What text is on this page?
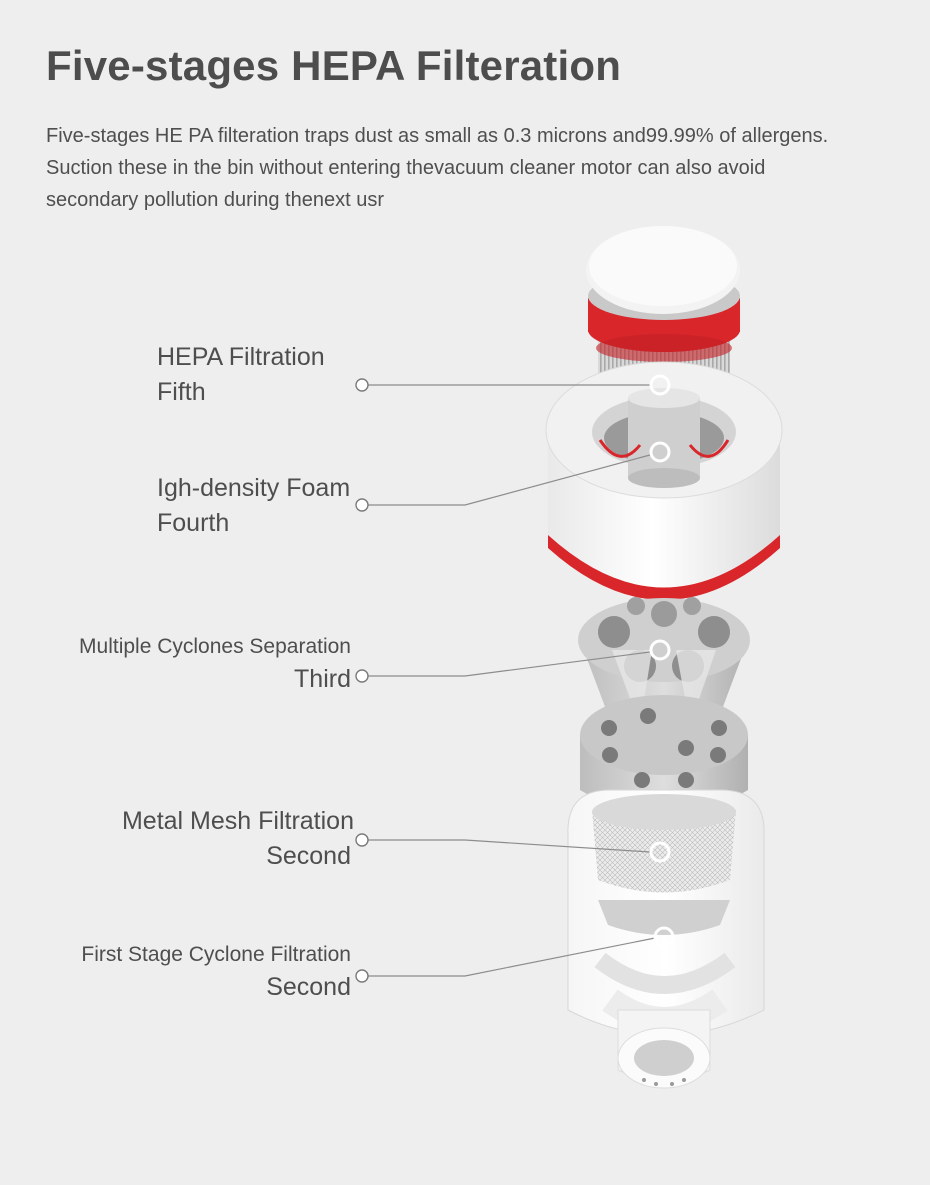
Five-stages HEPA Filteration
Five-stages HE PA filteration traps dust as small as 0.3 microns and99.99% of allergens.
Suction these in the bin without entering thevacuum cleaner motor can also avoid
secondary pollution during thenext usr
HEPA Filtration
Fifth
Igh-density Foam
Fourth
Multiple Cyclones Separation
Third
Metal Mesh Filtration
Second
First Stage Cyclone Filtration
Second
